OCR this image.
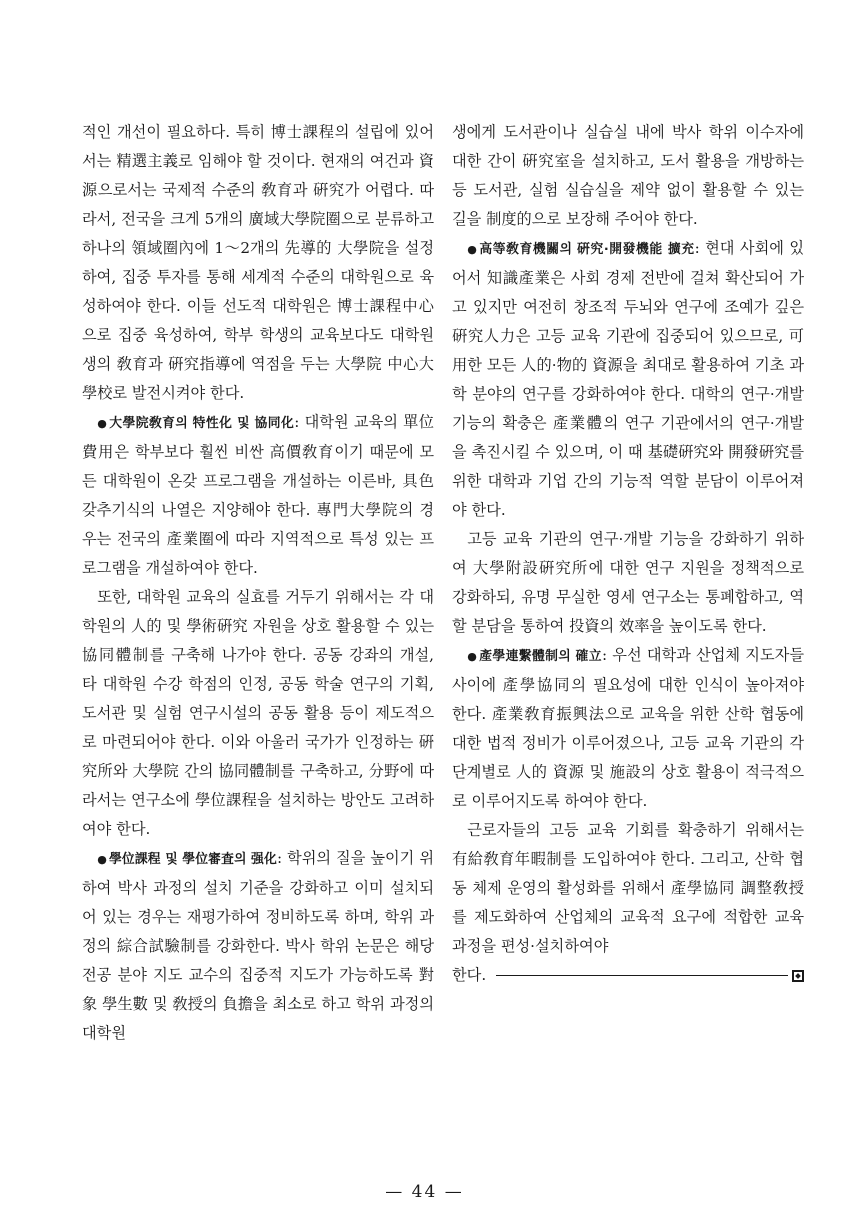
적인 개선이 필요하다. 특히 博士課程의 설립에 있어서는 精選主義로 임해야 할 것이다. 현재의 여건과 資源으로서는 국제적 수준의 敎育과 硏究가 어렵다. 따라서, 전국을 크게 5개의 廣域大學院圈으로 분류하고 하나의 領域圈內에 1～2개의 先導的 大學院을 설정하여, 집중 투자를 통해 세계적 수준의 대학원으로 육성하여야 한다. 이들 선도적 대학원은 博士課程中心으로 집중 육성하여, 학부 학생의 교육보다도 대학원생의 敎育과 硏究指導에 역점을 두는 大學院 中心大學校로 발전시켜야 한다.

● 大學院敎育의 特性化 및 協同化: 대학원 교육의 單位費用은 학부보다 훨씬 비싼 高價敎育이기 때문에 모든 대학원이 온갖 프로그램을 개설하는 이른바, 具色갖추기식의 나열은 지양해야 한다. 專門大學院의 경우는 전국의 產業圈에 따라 지역적으로 특성 있는 프로그램을 개설하여야 한다.

또한, 대학원 교육의 실효를 거두기 위해서는 각 대학원의 人的 및 學術硏究 자원을 상호 활용할 수 있는 協同體制를 구축해 나가야 한다. 공동 강좌의 개설, 타 대학원 수강 학점의 인정, 공동 학술 연구의 기획, 도서관 및 실험 연구시설의 공동 활용 등이 제도적으로 마련되어야 한다. 이와 아울러 국가가 인정하는 硏究所와 大學院 간의 協同體制를 구축하고, 分野에 따라서는 연구소에 學位課程을 설치하는 방안도 고려하여야 한다.

● 學位課程 및 學位審査의 强化: 학위의 질을 높이기 위하여 박사 과정의 설치 기준을 강화하고 이미 설치되어 있는 경우는 재평가하여 정비하도록 하며, 학위 과정의 綜合試驗制를 강화한다. 박사 학위 논문은 해당 전공 분야 지도 교수의 집중적 지도가 가능하도록 對象 學生數 및 敎授의 負擔을 최소로 하고 학위 과정의 대학원

생에게 도서관이나 실습실 내에 박사 학위 이수자에 대한 간이 硏究室을 설치하고, 도서 활용을 개방하는 등 도서관, 실험 실습실을 제약 없이 활용할 수 있는 길을 制度的으로 보장해 주어야 한다.

● 高等敎育機關의 硏究·開發機能 擴充: 현대 사회에 있어서 知識產業은 사회 경제 전반에 걸쳐 확산되어 가고 있지만 여전히 창조적 두뇌와 연구에 조예가 깊은 硏究人力은 고등 교육 기관에 집중되어 있으므로, 可用한 모든 人的·物的 資源을 최대로 활용하여 기초 과학 분야의 연구를 강화하여야 한다. 대학의 연구·개발 기능의 확충은 產業體의 연구 기관에서의 연구·개발을 촉진시킬 수 있으며, 이 때 基礎硏究와 開發硏究를 위한 대학과 기업 간의 기능적 역할 분담이 이루어져야 한다.

고등 교육 기관의 연구·개발 기능을 강화하기 위하여 大學附設硏究所에 대한 연구 지원을 정책적으로 강화하되, 유명 무실한 영세 연구소는 통폐합하고, 역할 분담을 통하여 投資의 效率을 높이도록 한다.

● 產學連繫體制의 確立: 우선 대학과 산업체 지도자들 사이에 產學協同의 필요성에 대한 인식이 높아져야 한다. 產業敎育振興法으로 교육을 위한 산학 협동에 대한 법적 정비가 이루어졌으나, 고등 교육 기관의 각 단계별로 人的 資源 및 施設의 상호 활용이 적극적으로 이루어지도록 하여야 한다.

근로자들의 고등 교육 기회를 확충하기 위해서는 有給敎育年暇制를 도입하여야 한다. 그리고, 산학 협동 체제 운영의 활성화를 위해서 產學協同 調整敎授를 제도화하여 산업체의 교육적 요구에 적합한 교육 과정을 편성·설치하여야

한다.
— 44 —
